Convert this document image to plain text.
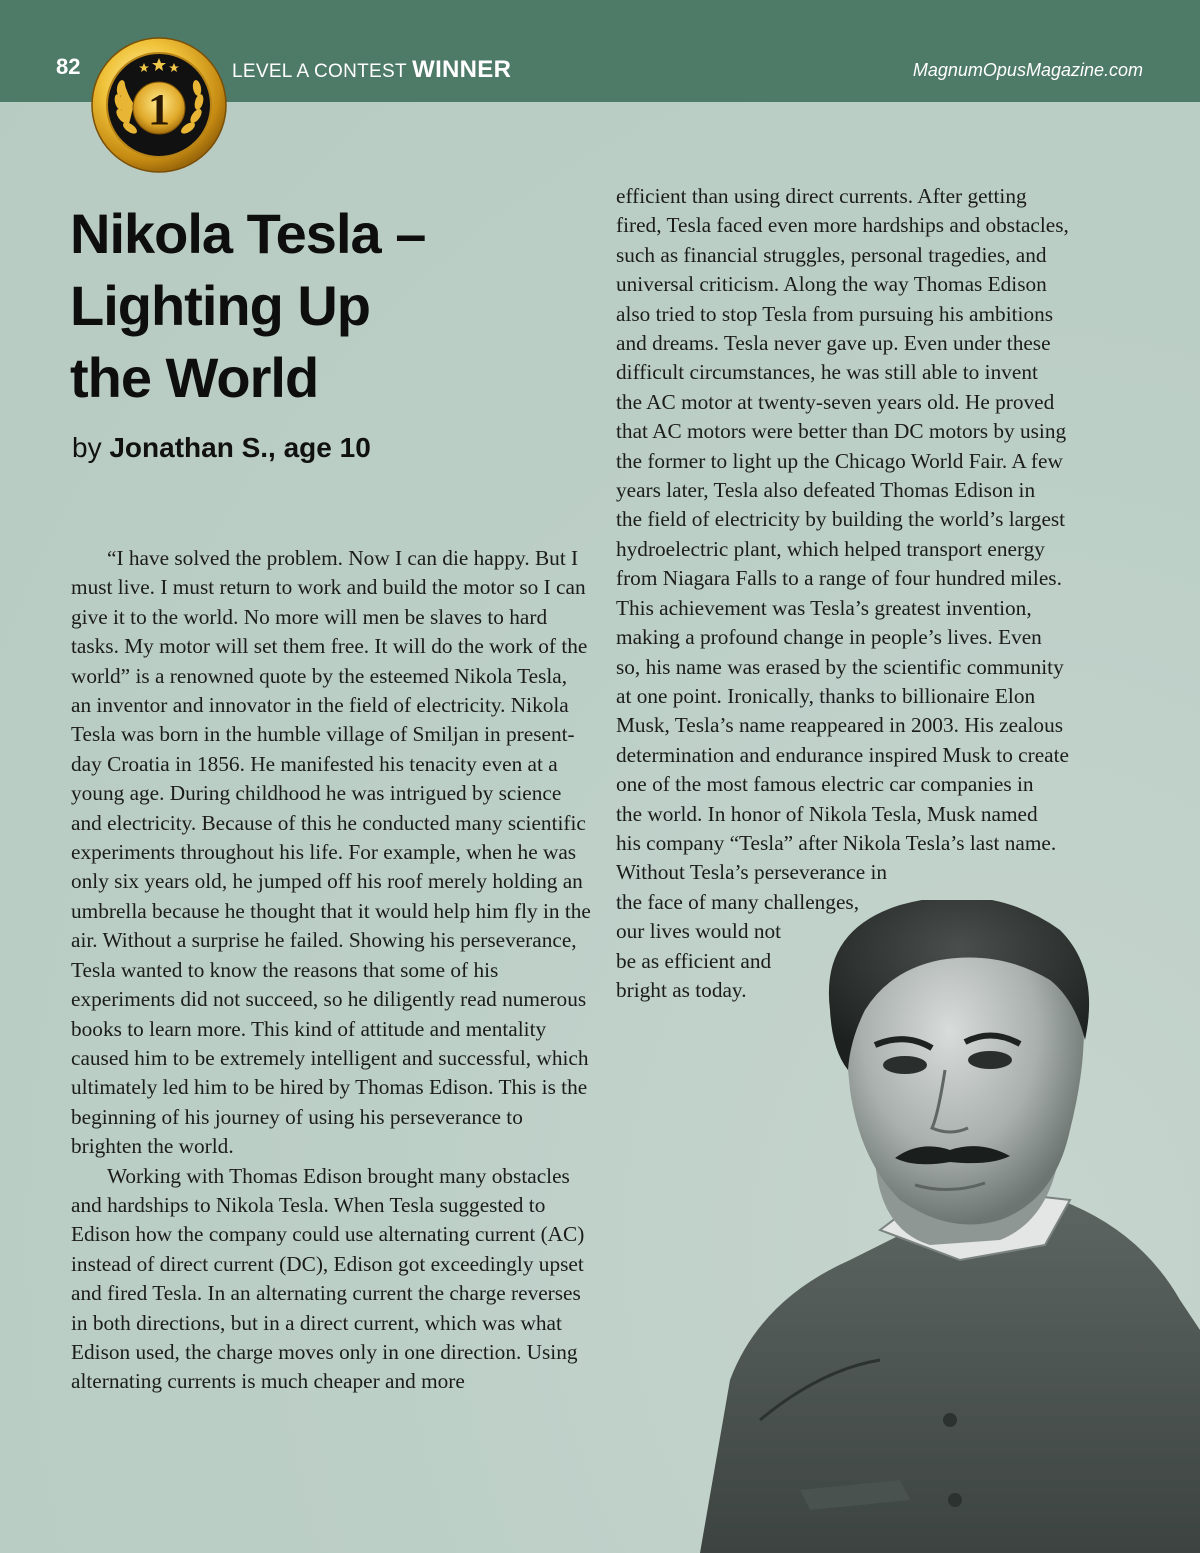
82	LEVEL A CONTEST WINNER	MagnumOpusMagazine.com
1
Nikola Tesla –
Lighting Up
the World
by Jonathan S., age 10

“I have solved the problem. Now I can die happy. But I must live. I must return to work and build the motor so I can give it to the world. No more will men be slaves to hard tasks. My motor will set them free. It will do the work of the world” is a renowned quote by the esteemed Nikola Tesla, an inventor and innovator in the field of electricity. Nikola Tesla was born in the humble village of Smiljan in present-day Croatia in 1856. He manifested his tenacity even at a young age. During childhood he was intrigued by science and electricity. Because of this he conducted many scientific experiments throughout his life. For example, when he was only six years old, he jumped off his roof merely holding an umbrella because he thought that it would help him fly in the air. Without a surprise he failed. Showing his perseverance, Tesla wanted to know the reasons that some of his experiments did not succeed, so he diligently read numerous books to learn more. This kind of attitude and mentality caused him to be extremely intelligent and successful, which ultimately led him to be hired by Thomas Edison. This is the beginning of his journey of using his perseverance to brighten the world.

Working with Thomas Edison brought many obstacles and hardships to Nikola Tesla. When Tesla suggested to Edison how the company could use alternating current (AC) instead of direct current (DC), Edison got exceedingly upset and fired Tesla. In an alternating current the charge reverses in both directions, but in a direct current, which was what Edison used, the charge moves only in one direction. Using alternating currents is much cheaper and more

efficient than using direct currents. After getting
fired, Tesla faced even more hardships and obstacles,
such as financial struggles, personal tragedies, and
universal criticism. Along the way Thomas Edison
also tried to stop Tesla from pursuing his ambitions
and dreams. Tesla never gave up. Even under these
difficult circumstances, he was still able to invent
the AC motor at twenty-seven years old. He proved
that AC motors were better than DC motors by using
the former to light up the Chicago World Fair. A few
years later, Tesla also defeated Thomas Edison in
the field of electricity by building the world’s largest
hydroelectric plant, which helped transport energy
from Niagara Falls to a range of four hundred miles.
This achievement was Tesla’s greatest invention,
making a profound change in people’s lives. Even
so, his name was erased by the scientific community
at one point. Ironically, thanks to billionaire Elon
Musk, Tesla’s name reappeared in 2003. His zealous
determination and endurance inspired Musk to create
one of the most famous electric car companies in
the world. In honor of Nikola Tesla, Musk named
his company “Tesla” after Nikola Tesla’s last name.
Without Tesla’s perseverance in
the face of many challenges,
our lives would not
be as efficient and
bright as today.
